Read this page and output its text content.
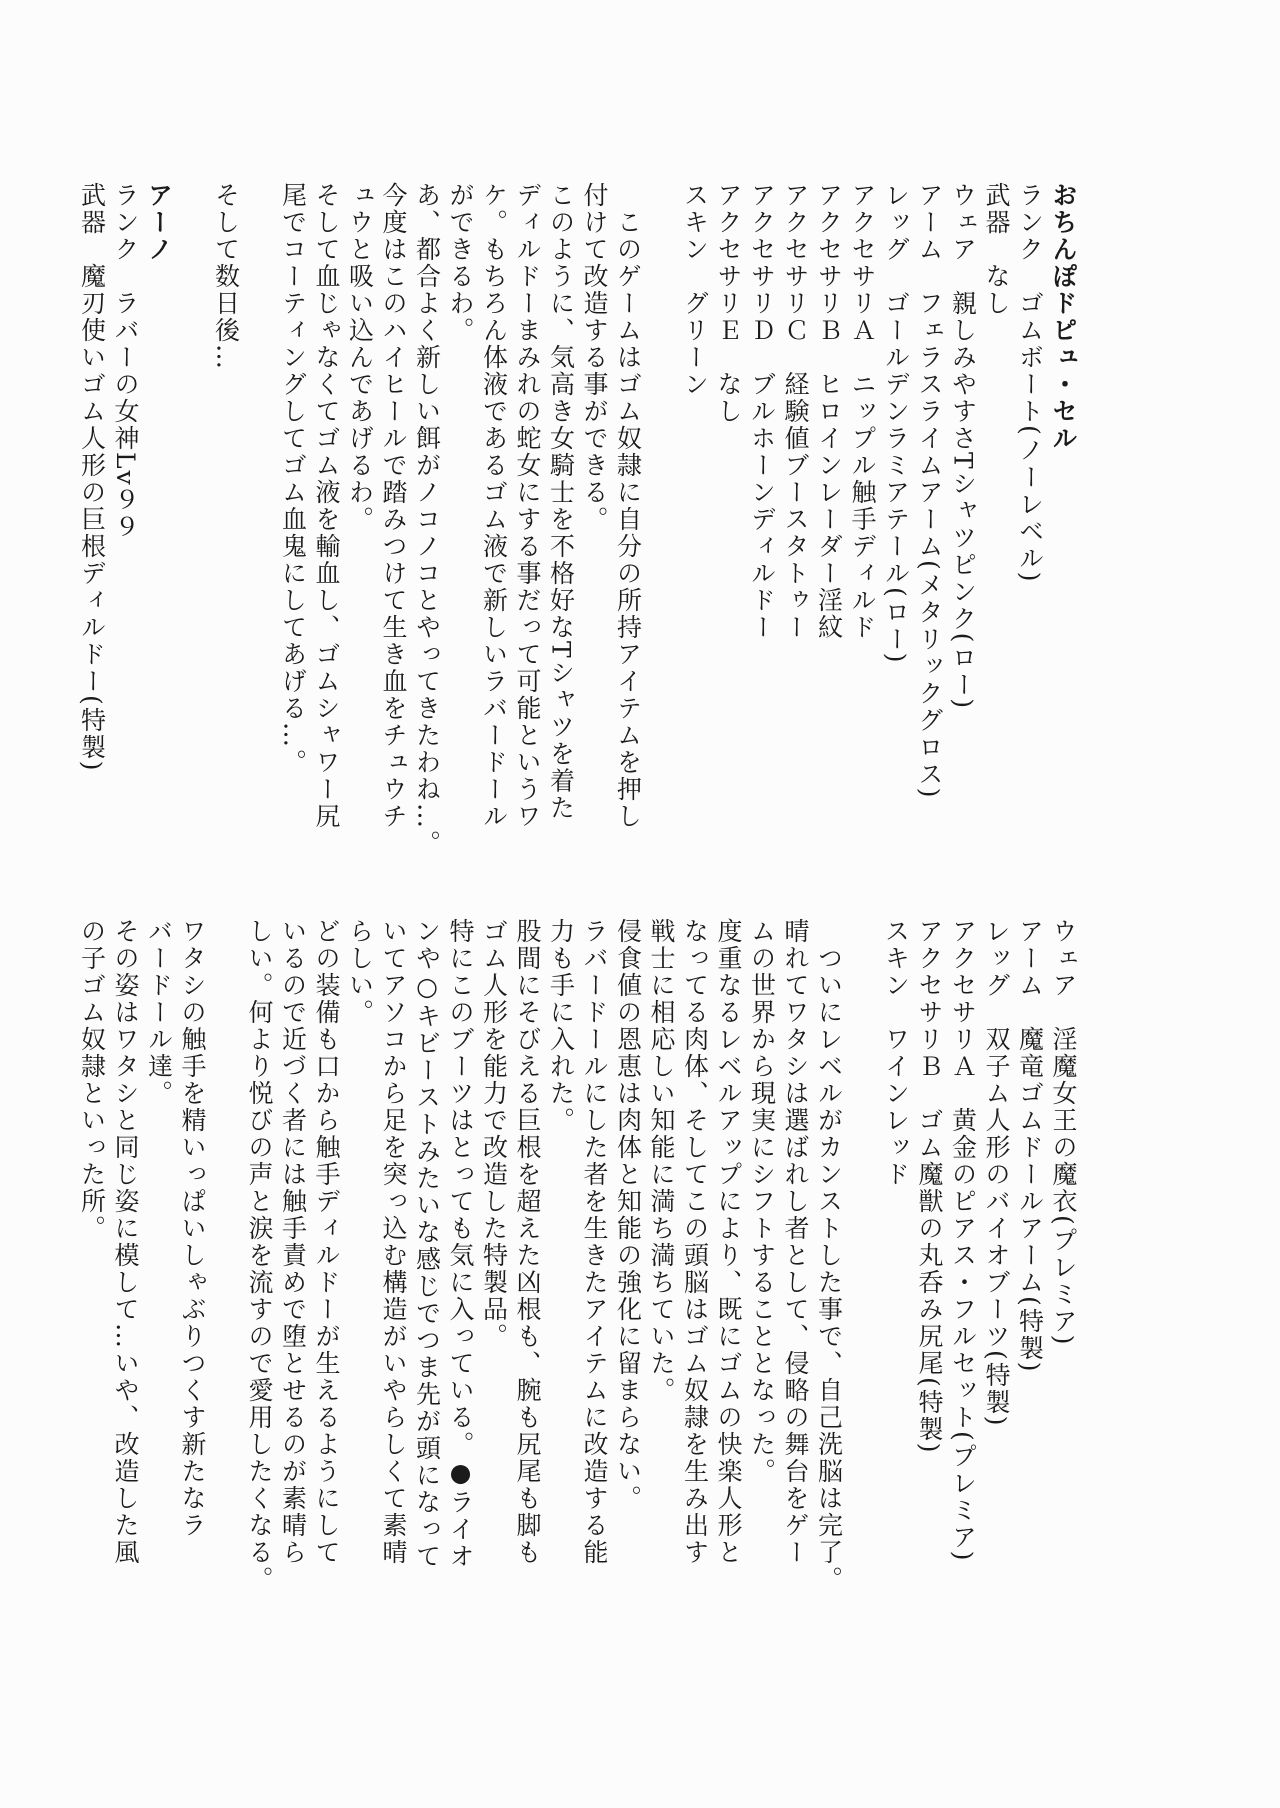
おちんぽドピュ・セル
ランク　ゴムボート(ノーレベル)
武器　なし
ウェア　親しみやすさTシャツピンク(ロー)
アーム　フェラスライムアーム(メタリックグロス)
レッグ　ゴールデンラミアテール(ロー)
アクセサリＡ　ニップル触手ディルド
アクセサリＢ　ヒロインレーダー淫紋
アクセサリＣ　経験値ブースタトゥー
アクセサリＤ　ブルホーンディルドー
アクセサリＥ　なし
スキン　グリーン

　このゲームはゴム奴隷に自分の所持アイテムを押し
付けて改造する事ができる。
このように、気高き女騎士を不格好なTシャツを着た
ディルドーまみれの蛇女にする事だって可能というワ
ケ。もちろん体液であるゴム液で新しいラバードール
ができるわ。
あ、都合よく新しい餌がノコノコとやってきたわね…。
今度はこのハイヒールで踏みつけて生き血をチュウチ
ュウと吸い込んであげるわ。
そして血じゃなくてゴム液を輸血し、ゴムシャワー尻
尾でコーティングしてゴム血鬼にしてあげる…。

そして数日後…

アーノ
ランク　ラバーの女神Lv９９
武器　魔刃使いゴム人形の巨根ディルドー(特製)
ウェア　淫魔女王の魔衣(プレミア)
アーム　魔竜ゴムドールアーム(特製)
レッグ　双子ム人形のバイオブーツ(特製)
アクセサリＡ　黄金のピアス・フルセット(プレミア)
アクセサリＢ　ゴム魔獣の丸呑み尻尾(特製)
スキン　ワインレッド

　ついにレベルがカンストした事で、自己洗脳は完了。
晴れてワタシは選ばれし者として、侵略の舞台をゲー
ムの世界から現実にシフトすることとなった。
度重なるレベルアップにより、既にゴムの快楽人形と
なってる肉体、そしてこの頭脳はゴム奴隷を生み出す
戦士に相応しい知能に満ち満ちていた。
侵食値の恩恵は肉体と知能の強化に留まらない。
ラバードールにした者を生きたアイテムに改造する能
力も手に入れた。
股間にそびえる巨根を超えた凶根も、腕も尻尾も脚も
ゴム人形を能力で改造した特製品。
特にこのブーツはとっても気に入っている。●ライオ
ンや○キビーストみたいな感じでつま先が頭になって
いてアソコから足を突っ込む構造がいやらしくて素晴
らしい。
どの装備も口から触手ディルドーが生えるようにして
いるので近づく者には触手責めで堕とせるのが素晴ら
しい。何より悦びの声と涙を流すので愛用したくなる。

ワタシの触手を精いっぱいしゃぶりつくす新たなラ
バードール達。
その姿はワタシと同じ姿に模して…いや、改造した風
の子ゴム奴隷といった所。
